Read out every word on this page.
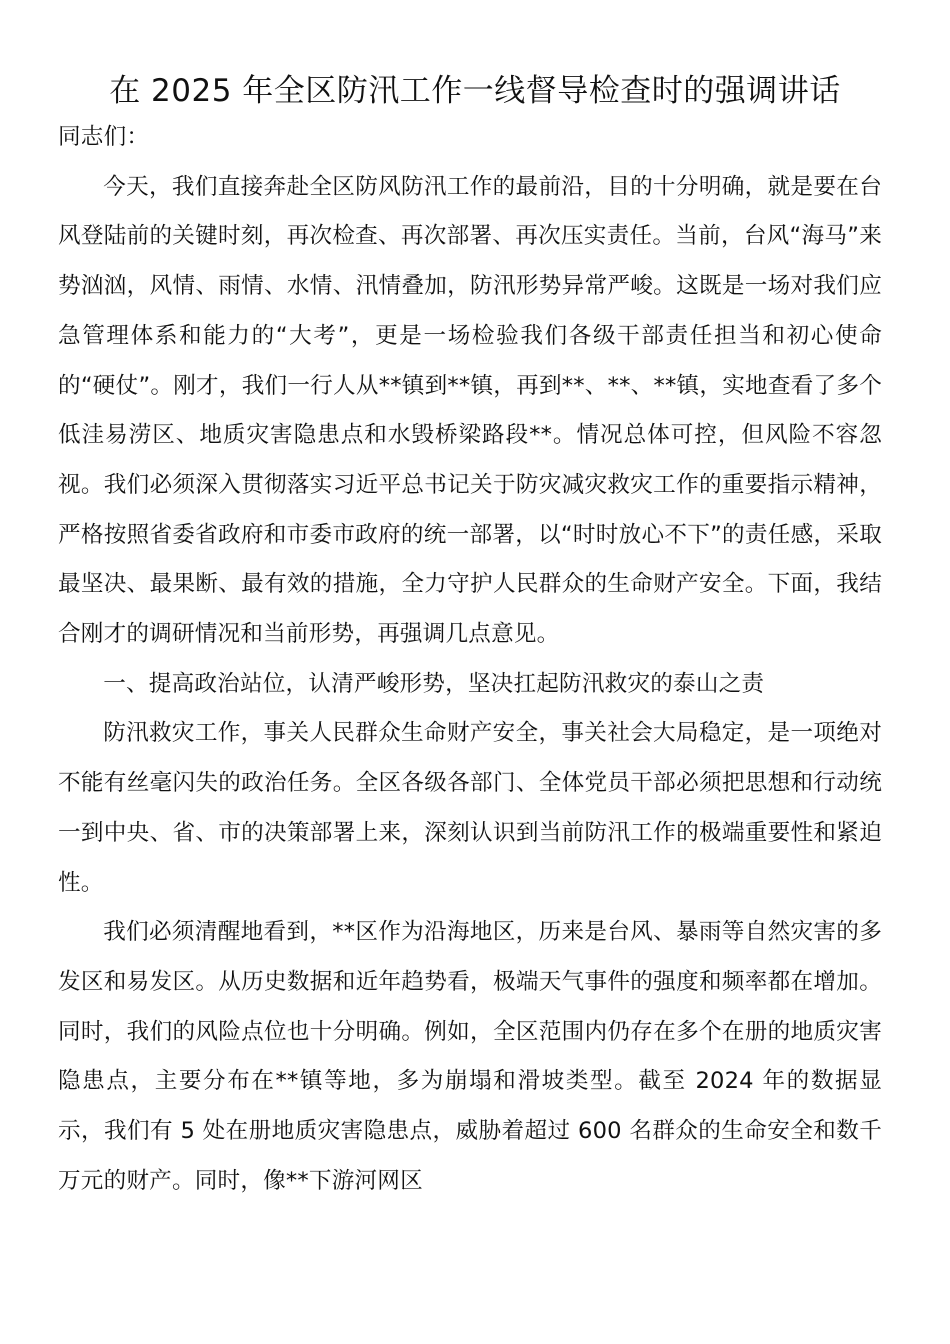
在 2025 年全区防汛工作一线督导检查时的强调讲话

同志们：

今天，我们直接奔赴全区防风防汛工作的最前沿，目的十分明确，就是要在台风登陆前的关键时刻，再次检查、再次部署、再次压实责任。当前，台风“海马”来势汹汹，风情、雨情、水情、汛情叠加，防汛形势异常严峻。这既是一场对我们应急管理体系和能力的“大考”，更是一场检验我们各级干部责任担当和初心使命的“硬仗”。刚才，我们一行人从**镇到**镇，再到**、**、**镇，实地查看了多个低洼易涝区、地质灾害隐患点和水毁桥梁路段**。情况总体可控，但风险不容忽视。我们必须深入贯彻落实习近平总书记关于防灾减灾救灾工作的重要指示精神，严格按照省委省政府和市委市政府的统一部署，以“时时放心不下”的责任感，采取最坚决、最果断、最有效的措施，全力守护人民群众的生命财产安全。下面，我结合刚才的调研情况和当前形势，再强调几点意见。

一、提高政治站位，认清严峻形势，坚决扛起防汛救灾的泰山之责

防汛救灾工作，事关人民群众生命财产安全，事关社会大局稳定，是一项绝对不能有丝毫闪失的政治任务。全区各级各部门、全体党员干部必须把思想和行动统一到中央、省、市的决策部署上来，深刻认识到当前防汛工作的极端重要性和紧迫性。

我们必须清醒地看到，**区作为沿海地区，历来是台风、暴雨等自然灾害的多发区和易发区。从历史数据和近年趋势看，极端天气事件的强度和频率都在增加。同时，我们的风险点位也十分明确。例如，全区范围内仍存在多个在册的地质灾害隐患点，主要分布在**镇等地，多为崩塌和滑坡类型。截至 2024 年的数据显示，我们有 5 处在册地质灾害隐患点，威胁着超过 600 名群众的生命安全和数千万元的财产。同时，像**下游河网区
